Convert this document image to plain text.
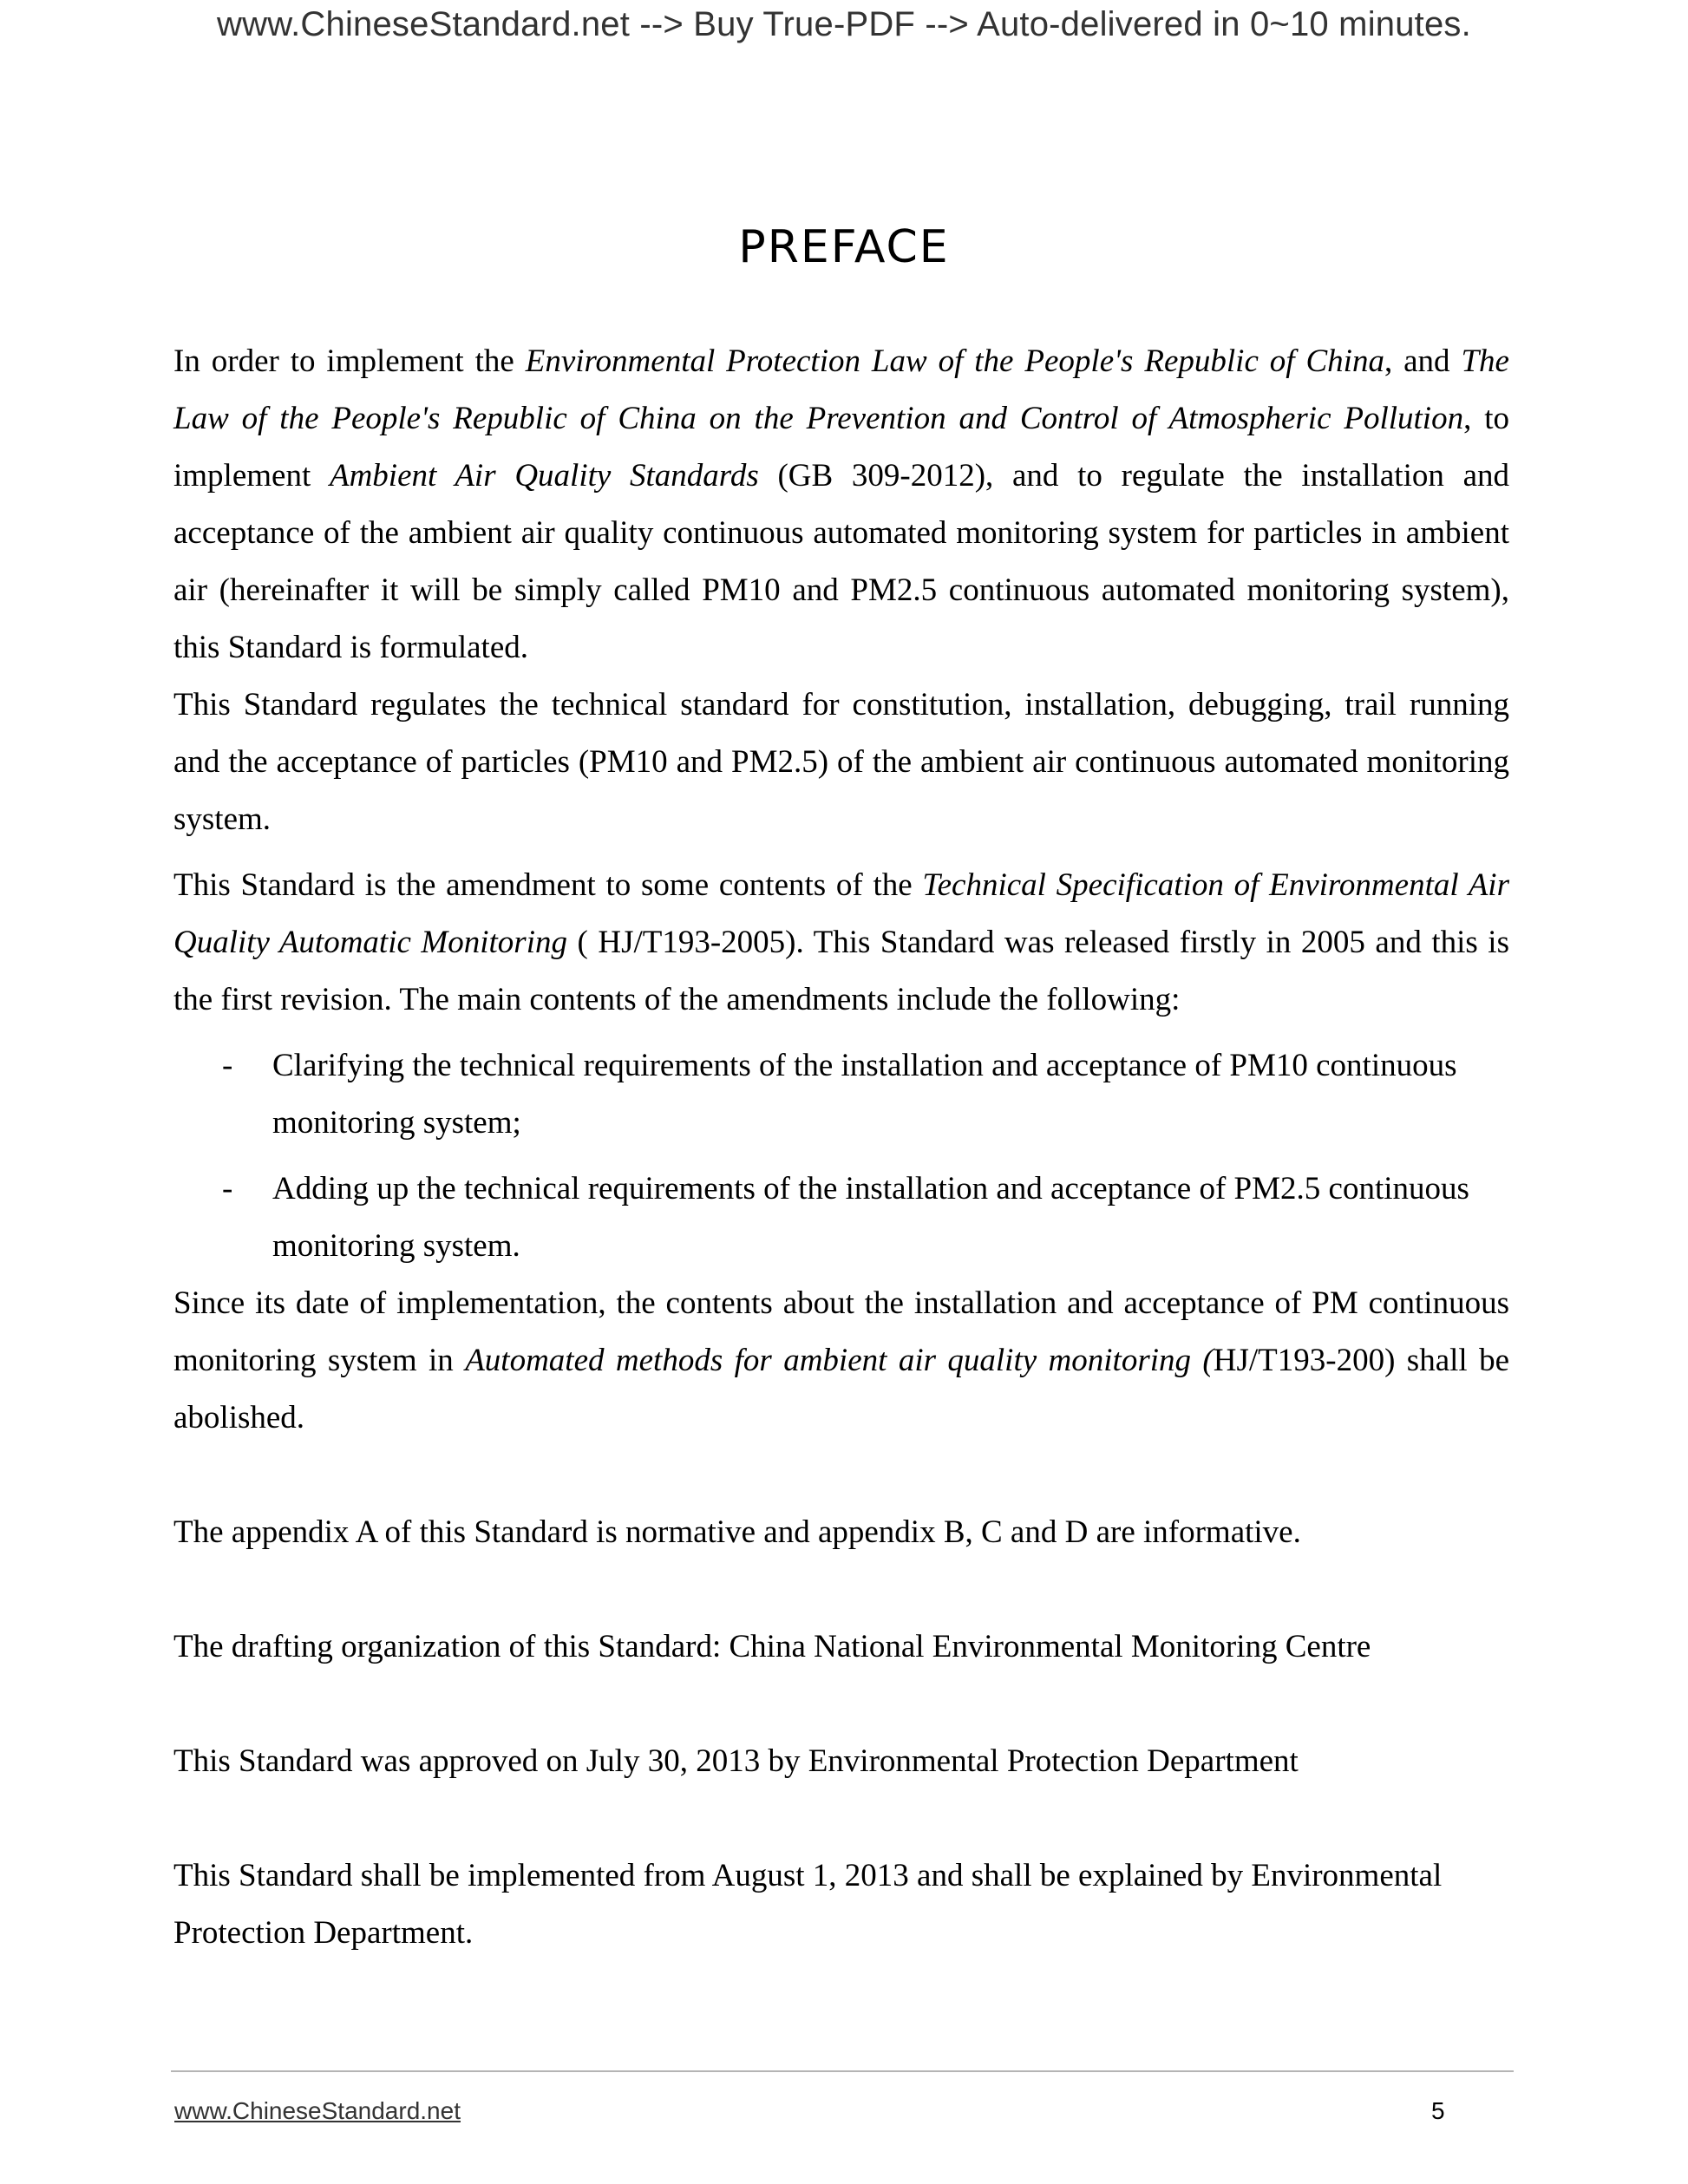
www.ChineseStandard.net --> Buy True-PDF --> Auto-delivered in 0~10 minutes.
PREFACE

In order to implement the Environmental Protection Law of the People's Republic of China, and The Law of the People's Republic of China on the Prevention and Control of Atmospheric Pollution, to implement Ambient Air Quality Standards (GB 309-2012), and to regulate the installation and acceptance of the ambient air quality continuous automated monitoring system for particles in ambient air (hereinafter it will be simply called PM10 and PM2.5 continuous automated monitoring system), this Standard is formulated.

This Standard regulates the technical standard for constitution, installation, debugging, trail running and the acceptance of particles (PM10 and PM2.5) of the ambient air continuous automated monitoring system.

This Standard is the amendment to some contents of the Technical Specification of Environmental Air Quality Automatic Monitoring ( HJ/T193-2005). This Standard was released firstly in 2005 and this is the first revision. The main contents of the amendments include the following:

- Clarifying the technical requirements of the installation and acceptance of PM10 continuous monitoring system;
- Adding up the technical requirements of the installation and acceptance of PM2.5 continuous monitoring system.

Since its date of implementation, the contents about the installation and acceptance of PM continuous monitoring system in Automated methods for ambient air quality monitoring (HJ/T193-200) shall be abolished.

The appendix A of this Standard is normative and appendix B, C and D are informative.

The drafting organization of this Standard: China National Environmental Monitoring Centre

This Standard was approved on July 30, 2013 by Environmental Protection Department

This Standard shall be implemented from August 1, 2013 and shall be explained by Environmental Protection Department.

www.ChineseStandard.net	5
